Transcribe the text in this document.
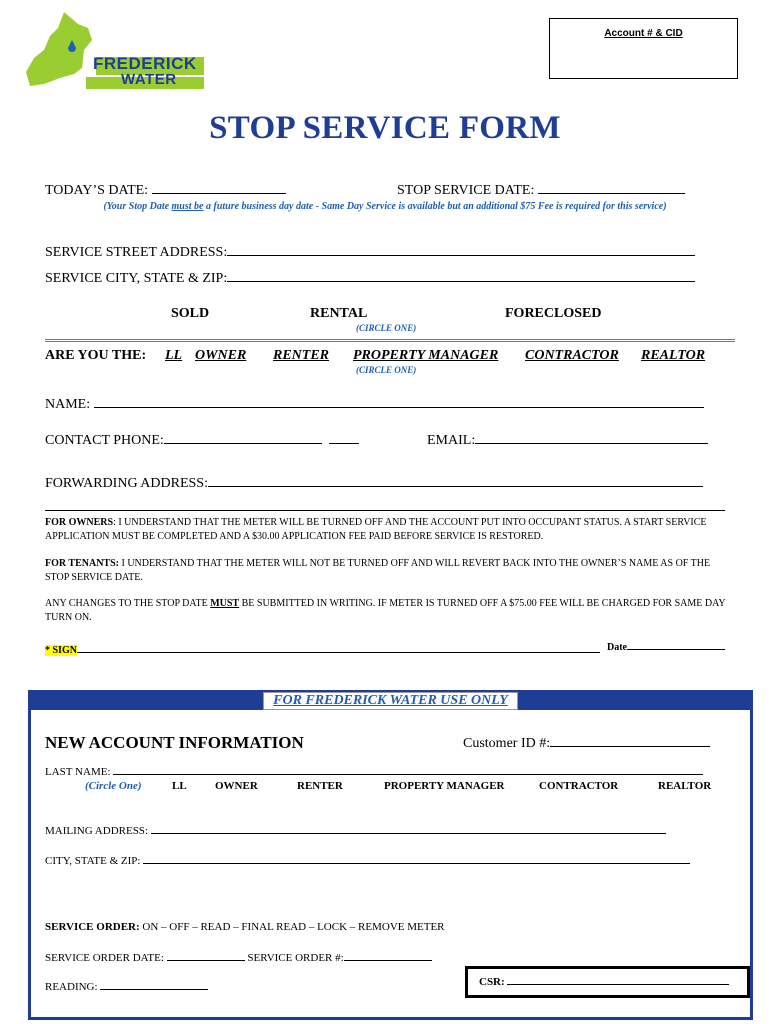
FREDERICK
WATER
Account # & CID
STOP SERVICE FORM
TODAY’S DATE:	STOP SERVICE DATE:
(Your Stop Date must be a future business day date - Same Day Service is available but an additional $75 Fee is required for this service)
SERVICE STREET ADDRESS:
SERVICE CITY, STATE & ZIP:
SOLD	RENTAL	FORECLOSED
(CIRCLE ONE)
ARE YOU THE: LL OWNER RENTER PROPERTY MANAGER CONTRACTOR REALTOR
(CIRCLE ONE)
NAME:
CONTACT PHONE:	EMAIL:
FORWARDING ADDRESS:
FOR OWNERS: I UNDERSTAND THAT THE METER WILL BE TURNED OFF AND THE ACCOUNT PUT INTO OCCUPANT STATUS. A START SERVICE APPLICATION MUST BE COMPLETED AND A $30.00 APPLICATION FEE PAID BEFORE SERVICE IS RESTORED.
FOR TENANTS: I UNDERSTAND THAT THE METER WILL NOT BE TURNED OFF AND WILL REVERT BACK INTO THE OWNER’S NAME AS OF THE STOP SERVICE DATE.
ANY CHANGES TO THE STOP DATE MUST BE SUBMITTED IN WRITING. IF METER IS TURNED OFF A $75.00 FEE WILL BE CHARGED FOR SAME DAY TURN ON.
* SIGN	Date
FOR FREDERICK WATER USE ONLY
NEW ACCOUNT INFORMATION	Customer ID #:
LAST NAME:
(Circle One)	LL	OWNER	RENTER	PROPERTY MANAGER	CONTRACTOR	REALTOR
MAILING ADDRESS:
CITY, STATE & ZIP:
SERVICE ORDER: ON – OFF – READ – FINAL READ – LOCK – REMOVE METER
SERVICE ORDER DATE:	SERVICE ORDER #:
READING:	CSR:
